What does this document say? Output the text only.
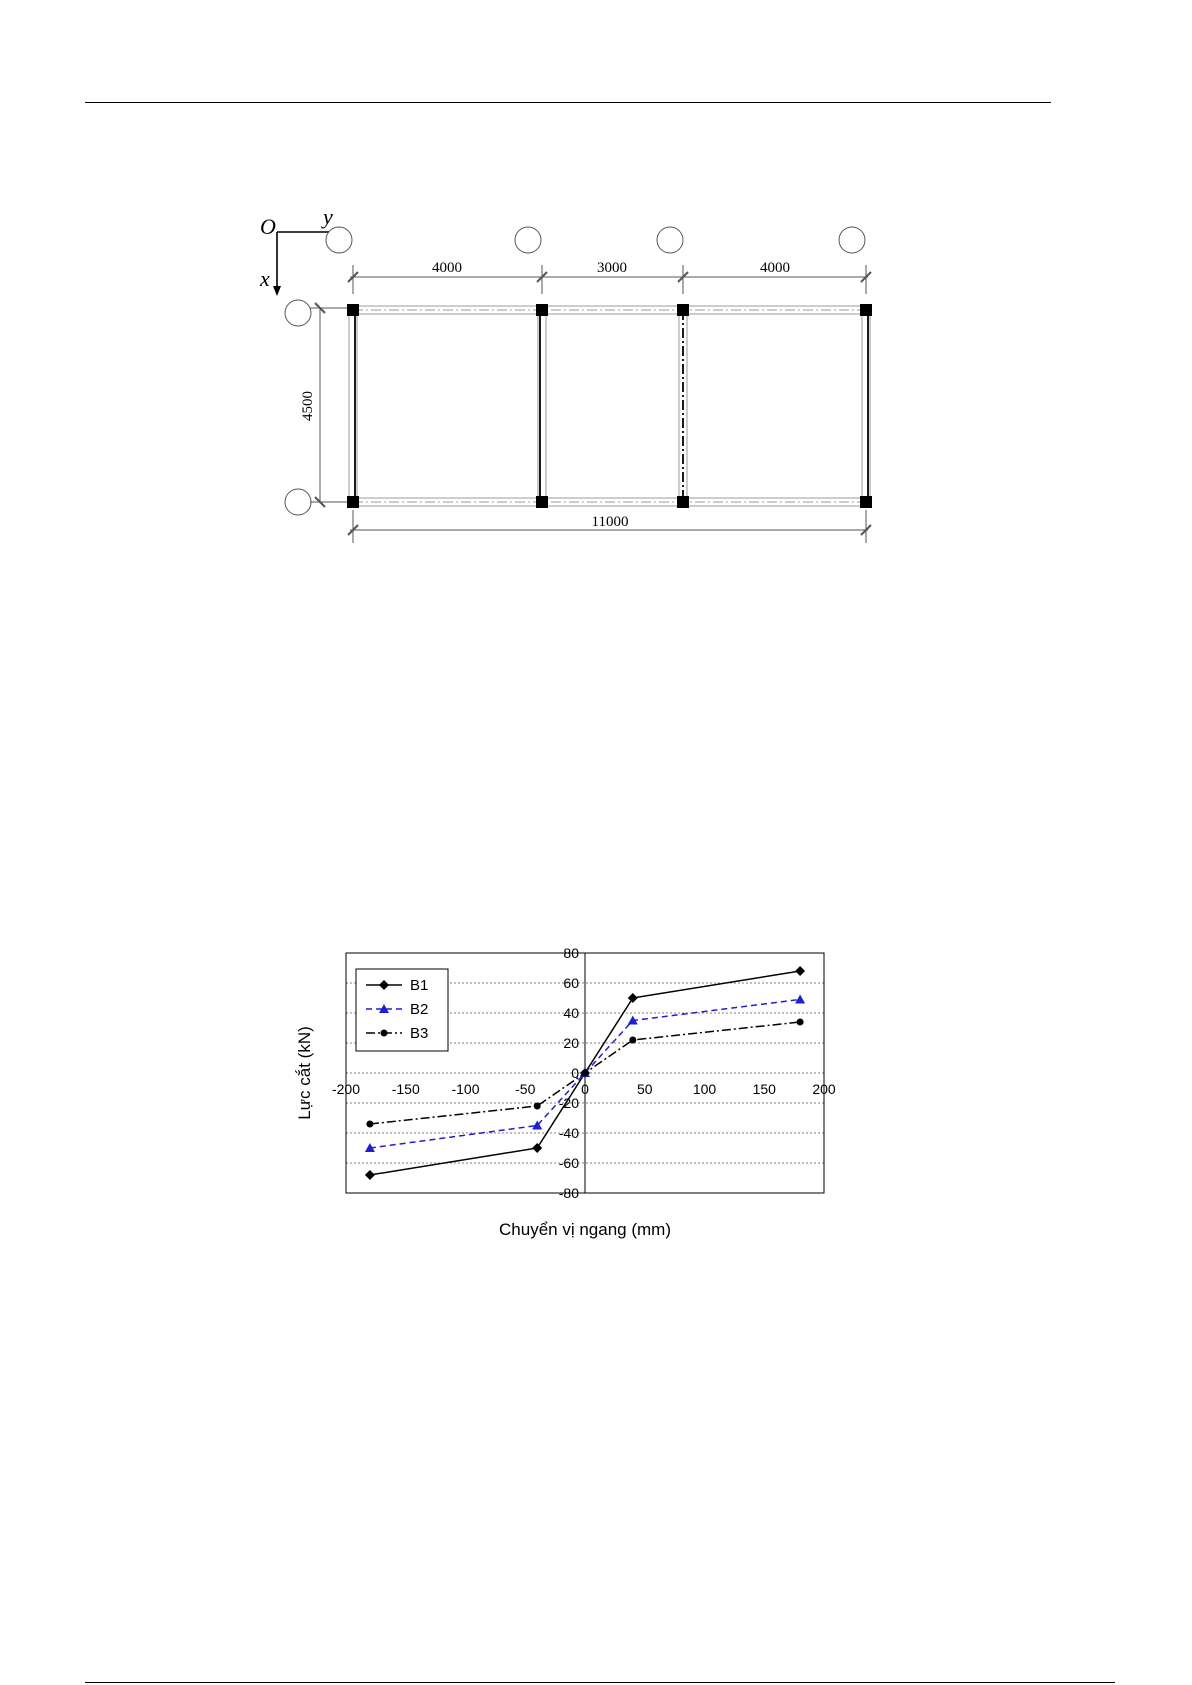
O y
x	4000	3000	4000
4500
11000
80
60
40
20
0
-20
-40
-60
-80
-200 -150 -100	-50	0	50	100	150	200
B1
B2
B3
Chuyển vị ngang (mm)
Lực cắt (kN)
